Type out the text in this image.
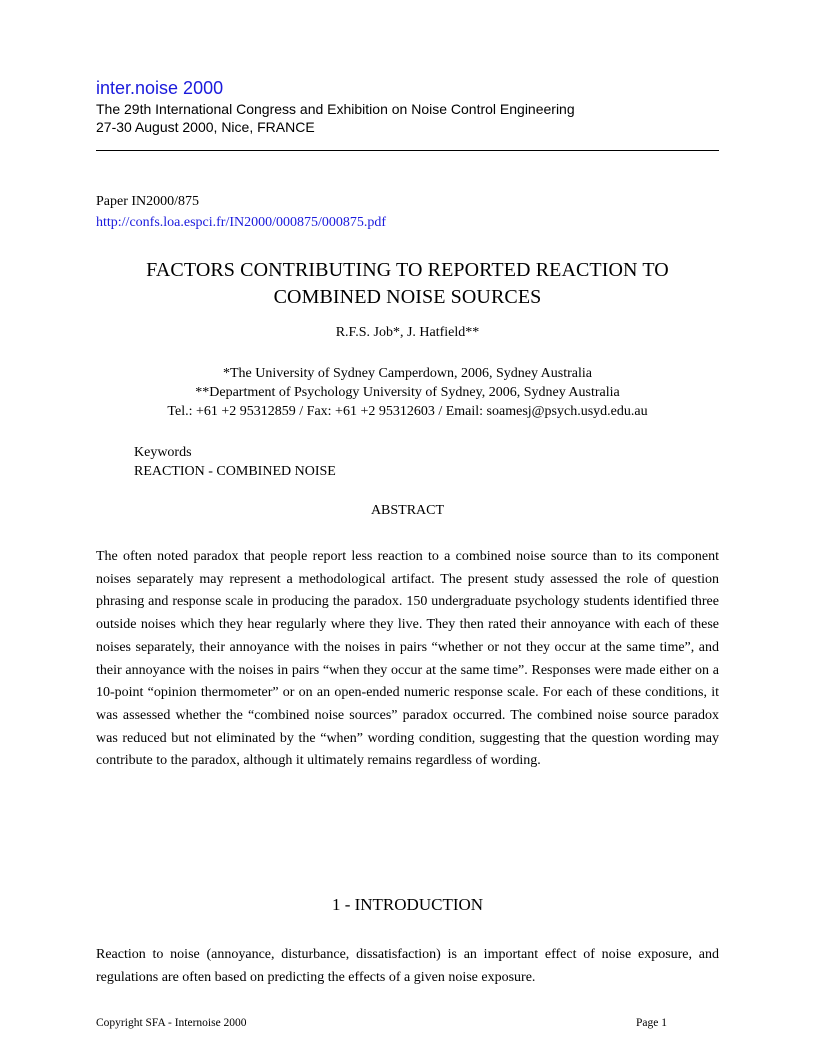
inter.noise 2000
The 29th International Congress and Exhibition on Noise Control Engineering
27-30 August 2000, Nice, FRANCE
Paper IN2000/875
http://confs.loa.espci.fr/IN2000/000875/000875.pdf
FACTORS CONTRIBUTING TO REPORTED REACTION TO
COMBINED NOISE SOURCES
R.F.S. Job*, J. Hatfield**
*The University of Sydney Camperdown, 2006, Sydney Australia
**Department of Psychology University of Sydney, 2006, Sydney Australia
Tel.: +61 +2 95312859 / Fax: +61 +2 95312603 / Email: soamesj@psych.usyd.edu.au
Keywords
REACTION - COMBINED NOISE
ABSTRACT

The often noted paradox that people report less reaction to a combined noise source than to its component noises separately may represent a methodological artifact. The present study assessed the role of question phrasing and response scale in producing the paradox. 150 undergraduate psychology students identified three outside noises which they hear regularly where they live. They then rated their annoyance with each of these noises separately, their annoyance with the noises in pairs “whether or not they occur at the same time”, and their annoyance with the noises in pairs “when they occur at the same time”. Responses were made either on a 10-point “opinion thermometer” or on an open-ended numeric response scale. For each of these conditions, it was assessed whether the “combined noise sources” paradox occurred. The combined noise source paradox was reduced but not eliminated by the “when” wording condition, suggesting that the question wording may contribute to the paradox, although it ultimately remains regardless of wording.

1 - INTRODUCTION

Reaction to noise (annoyance, disturbance, dissatisfaction) is an important effect of noise exposure, and regulations are often based on predicting the effects of a given noise exposure.

Copyright SFA - Internoise 2000	Page 1
